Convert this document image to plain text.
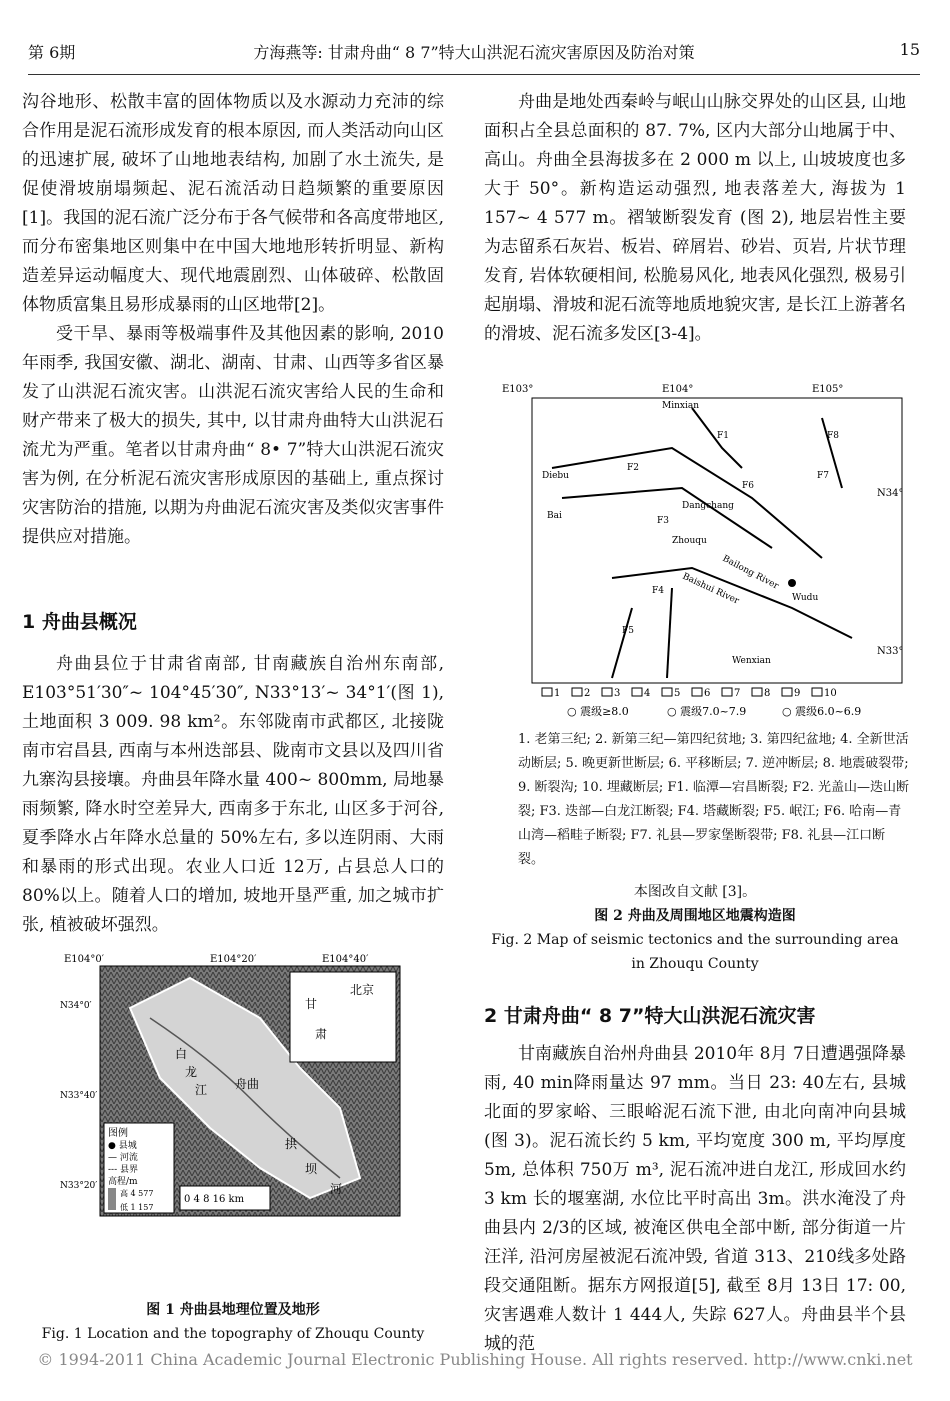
第 6期	方海燕等: 甘肃舟曲“ 8 7”特大山洪泥石流灾害原因及防治对策	15

沟谷地形、松散丰富的固体物质以及水源动力充沛的综合作用是泥石流形成发育的根本原因, 而人类活动向山区的迅速扩展, 破坏了山地地表结构, 加剧了水土流失, 是促使滑坡崩塌频起、泥石流活动日趋频繁的重要原因[1]。我国的泥石流广泛分布于各气候带和各高度带地区, 而分布密集地区则集中在中国大地地形转折明显、新构造差异运动幅度大、现代地震剧烈、山体破碎、松散固体物质富集且易形成暴雨的山区地带[2]。

受干旱、暴雨等极端事件及其他因素的影响, 2010年雨季, 我国安徽、湖北、湖南、甘肃、山西等多省区暴发了山洪泥石流灾害。山洪泥石流灾害给人民的生命和财产带来了极大的损失, 其中, 以甘肃舟曲特大山洪泥石流尤为严重。笔者以甘肃舟曲“ 8• 7”特大山洪泥石流灾害为例, 在分析泥石流灾害形成原因的基础上, 重点探讨灾害防治的措施, 以期为舟曲泥石流灾害及类似灾害事件提供应对措施。

1 舟曲县概况

舟曲县位于甘肃省南部, 甘南藏族自治州东南部, E103°51′30″~ 104°45′30″, N33°13′~ 34°1′(图 1), 土地面积 3 009. 98 km²。东邻陇南市武都区, 北接陇南市宕昌县, 西南与本州迭部县、陇南市文县以及四川省九寨沟县接壤。舟曲县年降水量 400~ 800mm, 局地暴雨频繁, 降水时空差异大, 西南多于东北, 山区多于河谷, 夏季降水占年降水总量的 50%左右, 多以连阴雨、大雨和暴雨的形式出现。农业人口近 12万, 占县总人口的 80%以上。随着人口的增加, 坡地开垦严重, 加之城市扩张, 植被破坏强烈。

E104°0′	E104°20′	E104°40′
N34°0′
N33°40′
N33°20′
甘
肃
北京
白
龙
江 舟曲
拱
坝
河
图例
● 县城
— 河流
--- 县界
高程/m
高 4 577
低 1 157
0 4 8 16 km
图 1 舟曲县地理位置及地形
Fig. 1 Location and the topography of Zhouqu County

舟曲是地处西秦岭与岷山山脉交界处的山区县, 山地面积占全县总面积的 87. 7%, 区内大部分山地属于中、高山。舟曲全县海拔多在 2 000 m 以上, 山坡坡度也多大于 50°。新构造运动强烈, 地表落差大, 海拔为 1 157~ 4 577 m。褶皱断裂发育 (图 2), 地层岩性主要为志留系石灰岩、板岩、碎屑岩、砂岩、页岩, 片状节理发育, 岩体软硬相间, 松脆易风化, 地表风化强烈, 极易引起崩塌、滑坡和泥石流等地质地貌灾害, 是长江上游著名的滑坡、泥石流多发区[3-4]。

E103°	E104°	E105°
N34°
N33°
Minxian
Diebu
Dangchang
Bai
Zhouqu
Wudu
Wenxian
Bailong River
Baishui River
F1
F2
F3
F4
F5
F6
F7
F8
1 2 3 4 5 6 7 8 9 10
○ 震级≥8.0	○ 震级7.0~7.9	○ 震级6.0~6.9
1. 老第三纪; 2. 新第三纪—第四纪贫地; 3. 第四纪盆地; 4. 全新世活动断层; 5. 晚更新世断层; 6. 平移断层; 7. 逆冲断层; 8. 地震破裂带; 9. 断裂沟; 10. 埋藏断层; F1. 临潭—宕昌断裂; F2. 光盖山—迭山断裂; F3. 迭部—白龙江断裂; F4. 塔藏断裂; F5. 岷江; F6. 哈南—青山湾—稻畦子断裂; F7. 礼县—罗家堡断裂带; F8. 礼县—江口断裂。
本图改自文献 [3]。
图 2 舟曲及周围地区地震构造图
Fig. 2 Map of seismic tectonics and the surrounding area in Zhouqu County
2 甘肃舟曲“ 8 7”特大山洪泥石流灾害

甘南藏族自治州舟曲县 2010年 8月 7日遭遇强降暴雨, 40 min降雨量达 97 mm。当日 23: 40左右, 县城北面的罗家峪、三眼峪泥石流下泄, 由北向南冲向县城 (图 3)。泥石流长约 5 km, 平均宽度 300 m, 平均厚度 5m, 总体积 750万 m³, 泥石流冲进白龙江, 形成回水约 3 km 长的堰塞湖, 水位比平时高出 3m。洪水淹没了舟曲县内 2/3的区域, 被淹区供电全部中断, 部分街道一片汪洋, 沿河房屋被泥石流冲毁, 省道 313、210线多处路段交通阻断。据东方网报道[5], 截至 8月 13日 17: 00, 灾害遇难人数计 1 444人, 失踪 627人。舟曲县半个县城的范

© 1994-2011 China Academic Journal Electronic Publishing House. All rights reserved. http://www.cnki.net
